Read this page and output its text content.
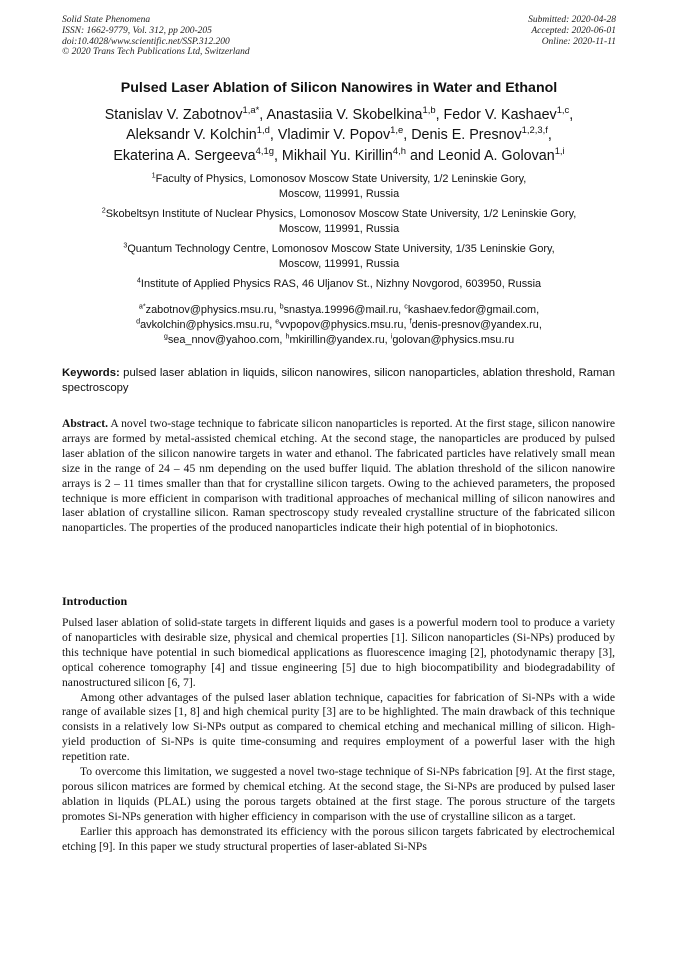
Solid State Phenomena
ISSN: 1662-9779, Vol. 312, pp 200-205
doi:10.4028/www.scientific.net/SSP.312.200
© 2020 Trans Tech Publications Ltd, Switzerland
Submitted: 2020-04-28
Accepted: 2020-06-01
Online: 2020-11-11
Pulsed Laser Ablation of Silicon Nanowires in Water and Ethanol
Stanislav V. Zabotnov$^{1,a*}$, Anastasiia V. Skobelkina$^{1,b}$, Fedor V. Kashaev$^{1,c}$,
Aleksandr V. Kolchin$^{1,d}$, Vladimir V. Popov$^{1,e}$, Denis E. Presnov$^{1,2,3,f}$,
Ekaterina A. Sergeeva$^{4,1g}$, Mikhail Yu. Kirillin$^{4,h}$ and Leonid A. Golovan$^{1,i}$
$^1$Faculty of Physics, Lomonosov Moscow State University, 1/2 Leninskie Gory,
Moscow, 119991, Russia
$^2$Skobeltsyn Institute of Nuclear Physics, Lomonosov Moscow State University, 1/2 Leninskie Gory,
Moscow, 119991, Russia
$^3$Quantum Technology Centre, Lomonosov Moscow State University, 1/35 Leninskie Gory,
Moscow, 119991, Russia
$^4$Institute of Applied Physics RAS, 46 Uljanov St., Nizhny Novgorod, 603950, Russia
$^{a*}$zabotnov@physics.msu.ru, $^b$snastya.19996@mail.ru, $^c$kashaev.fedor@gmail.com,
$^d$avkolchin@physics.msu.ru, $^e$vvpopov@physics.msu.ru, $^f$denis-presnov@yandex.ru,
$^g$sea_nnov@yahoo.com, $^h$mkirillin@yandex.ru, $^i$golovan@physics.msu.ru
Keywords: pulsed laser ablation in liquids, silicon nanowires, silicon nanoparticles, ablation threshold, Raman spectroscopy
Abstract. A novel two-stage technique to fabricate silicon nanoparticles is reported. At the first stage, silicon nanowire arrays are formed by metal-assisted chemical etching. At the second stage, the nanoparticles are produced by pulsed laser ablation of the silicon nanowire targets in water and ethanol. The fabricated particles have relatively small mean size in the range of 24 – 45 nm depending on the used buffer liquid. The ablation threshold of the silicon nanowire arrays is 2 – 11 times smaller than that for crystalline silicon targets. Owing to the achieved parameters, the proposed technique is more efficient in comparison with traditional approaches of mechanical milling of silicon nanowires and laser ablation of crystalline silicon. Raman spectroscopy study revealed crystalline structure of the fabricated silicon nanoparticles. The properties of the produced nanoparticles indicate their high potential of in biophotonics.
Introduction

Pulsed laser ablation of solid-state targets in different liquids and gases is a powerful modern tool to produce a variety of nanoparticles with desirable size, physical and chemical properties [1]. Silicon nanoparticles (Si-NPs) produced by this technique have potential in such biomedical applications as fluorescence imaging [2], photodynamic therapy [3], optical coherence tomography [4] and tissue engineering [5] due to high biocompatibility and biodegradability of nanostructured silicon [6, 7].

Among other advantages of the pulsed laser ablation technique, capacities for fabrication of Si-NPs with a wide range of available sizes [1, 8] and high chemical purity [3] are to be highlighted. The main drawback of this technique consists in a relatively low Si-NPs output as compared to chemical etching and mechanical milling of silicon. High-yield production of Si-NPs is quite time-consuming and requires employment of a powerful laser with the high repetition rate.

To overcome this limitation, we suggested a novel two-stage technique of Si-NPs fabrication [9]. At the first stage, porous silicon matrices are formed by chemical etching. At the second stage, the Si-NPs are produced by pulsed laser ablation in liquids (PLAL) using the porous targets obtained at the first stage. The porous structure of the targets promotes Si-NPs generation with higher efficiency in comparison with the use of crystalline silicon as a target.

Earlier this approach has demonstrated its efficiency with the porous silicon targets fabricated by electrochemical etching [9]. In this paper we study structural properties of laser-ablated Si-NPs
